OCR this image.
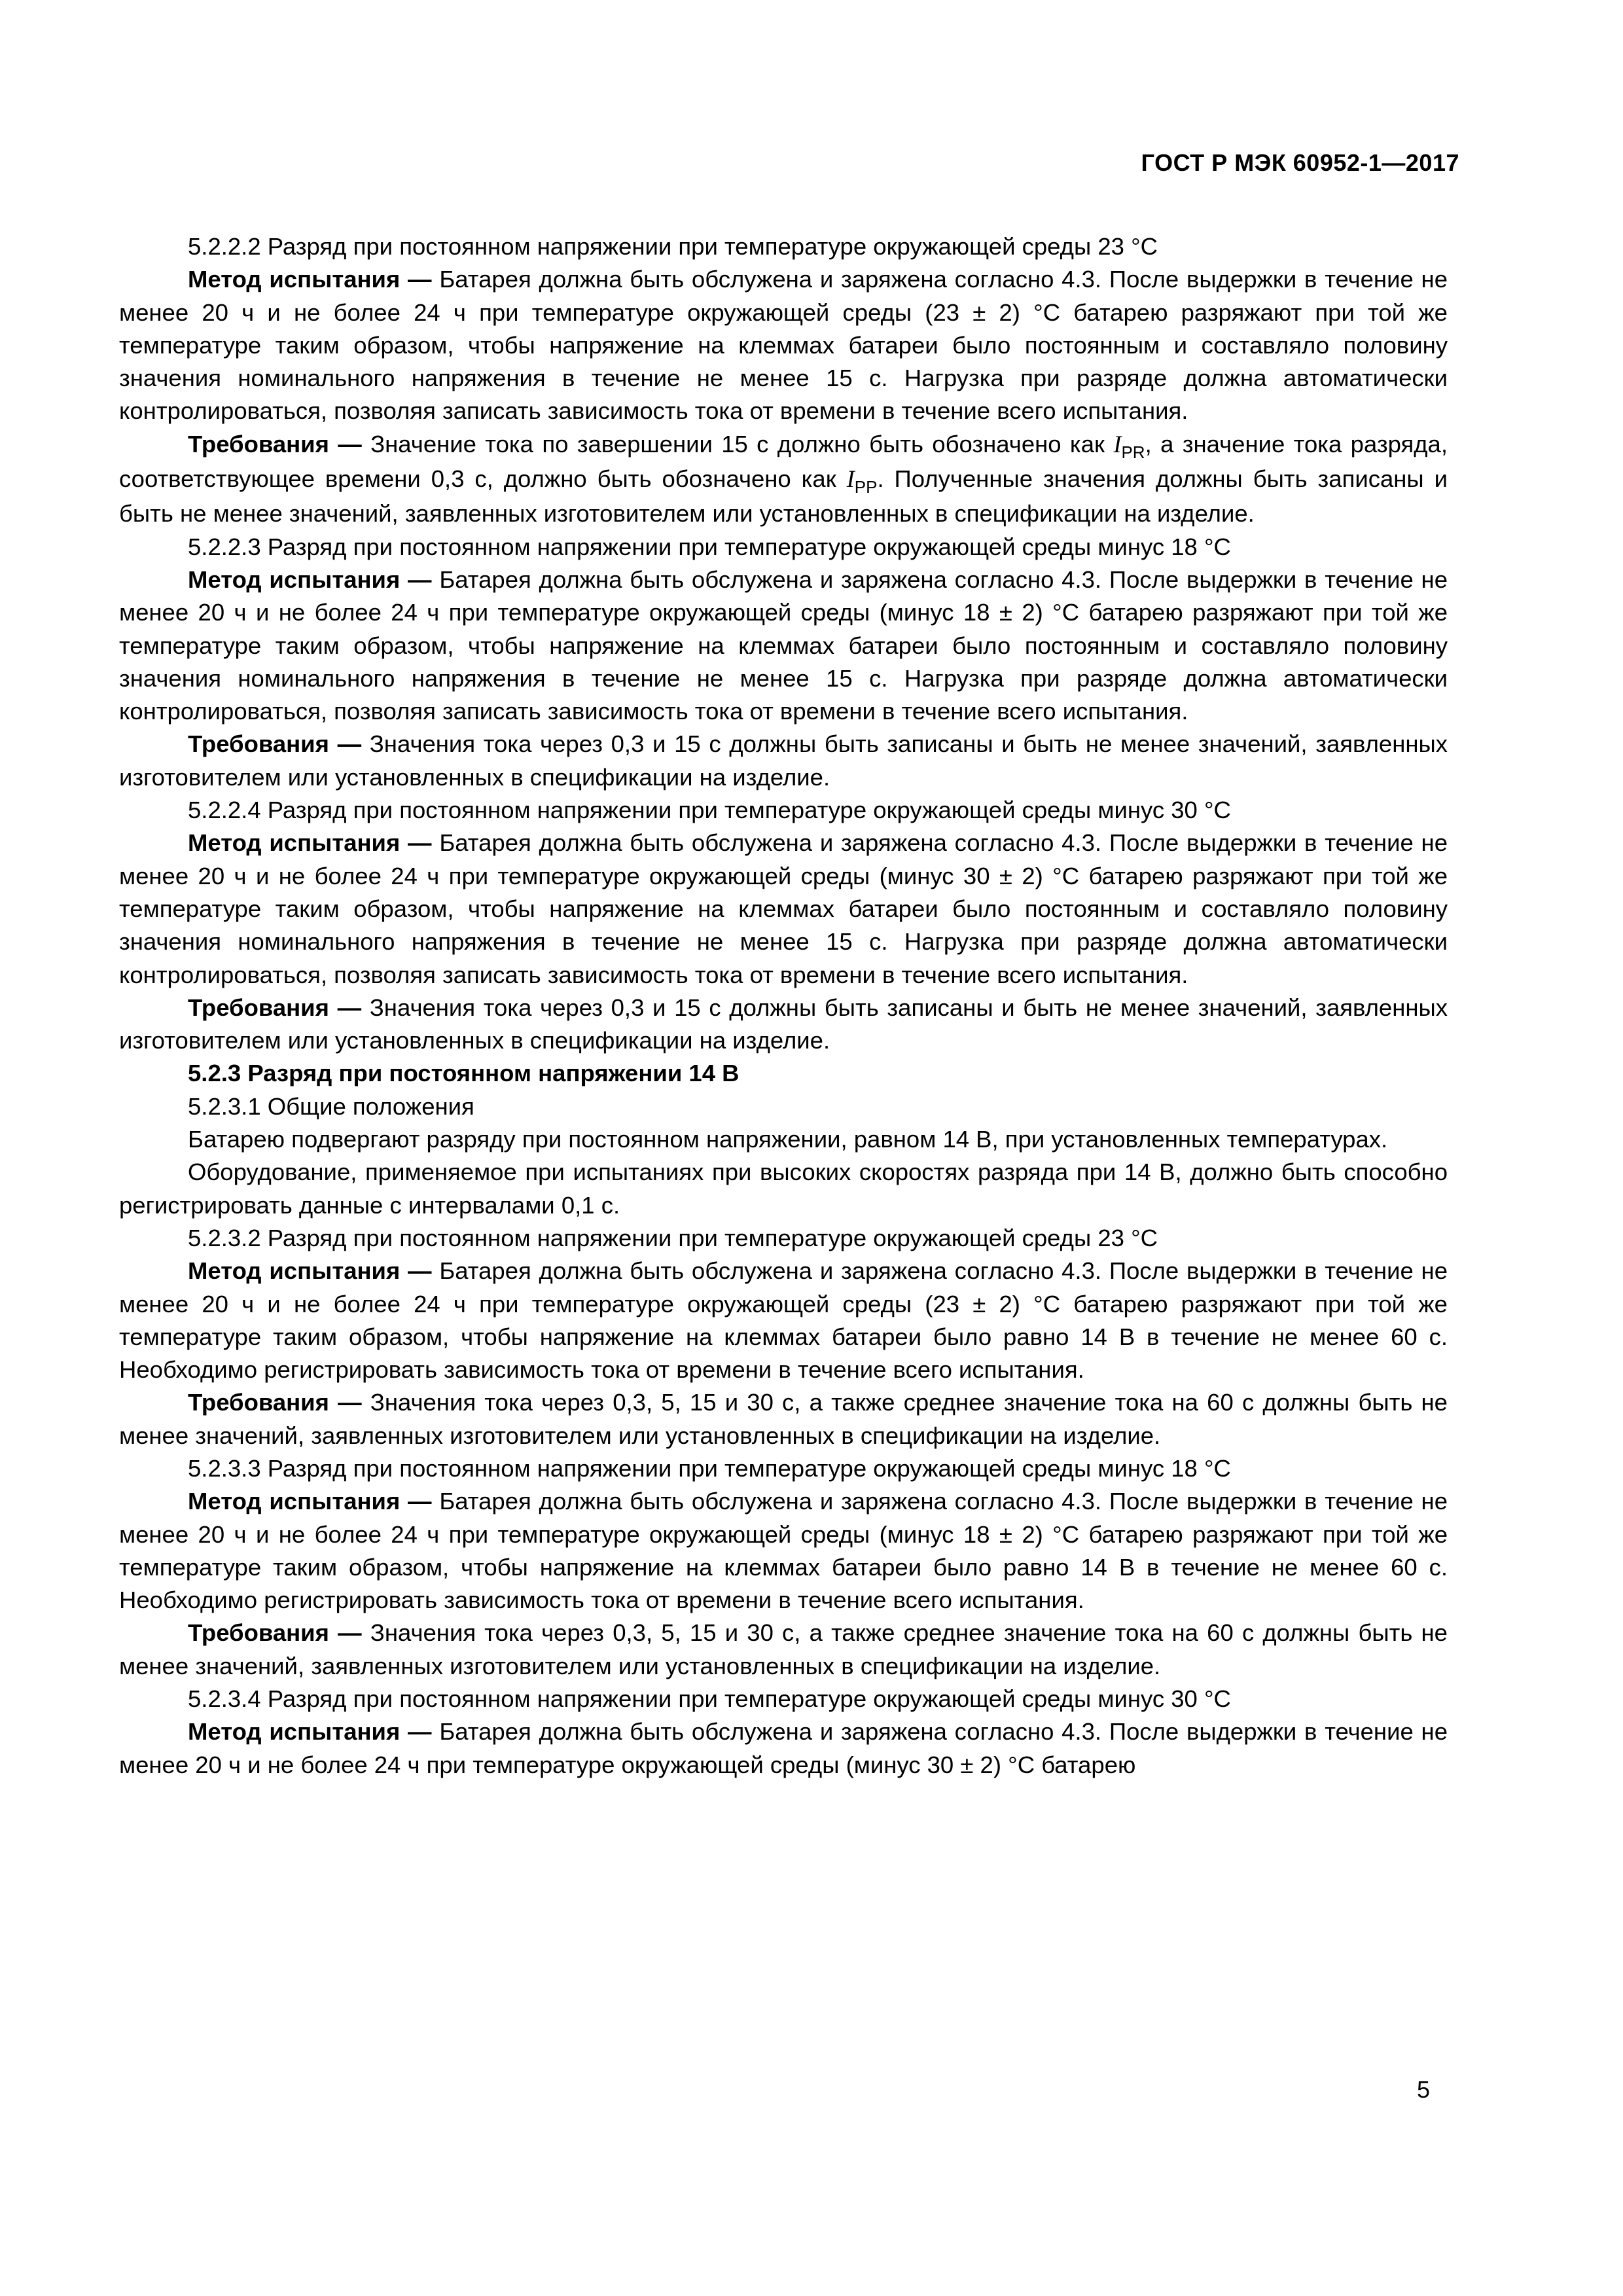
ГОСТ Р МЭК 60952-1—2017

5.2.2.2 Разряд при постоянном напряжении при температуре окружающей среды 23 °С

Метод испытания — Батарея должна быть обслужена и заряжена согласно 4.3. После выдержки в течение не менее 20 ч и не более 24 ч при температуре окружающей среды (23 ± 2) °С батарею разряжают при той же температуре таким образом, чтобы напряжение на клеммах батареи было постоянным и составляло половину значения номинального напряжения в течение не менее 15 с. Нагрузка при разряде должна автоматически контролироваться, позволяя записать зависимость тока от времени в течение всего испытания.

Требования — Значение тока по завершении 15 с должно быть обозначено как $I_{PR}$, а значение тока разряда, соответствующее времени 0,3 с, должно быть обозначено как $I_{PP}$. Полученные значения должны быть записаны и быть не менее значений, заявленных изготовителем или установленных в спецификации на изделие.

5.2.2.3 Разряд при постоянном напряжении при температуре окружающей среды минус 18 °С

Метод испытания — Батарея должна быть обслужена и заряжена согласно 4.3. После выдержки в течение не менее 20 ч и не более 24 ч при температуре окружающей среды (минус 18 ± 2) °С батарею разряжают при той же температуре таким образом, чтобы напряжение на клеммах батареи было постоянным и составляло половину значения номинального напряжения в течение не менее 15 с. Нагрузка при разряде должна автоматически контролироваться, позволяя записать зависимость тока от времени в течение всего испытания.

Требования — Значения тока через 0,3 и 15 с должны быть записаны и быть не менее значений, заявленных изготовителем или установленных в спецификации на изделие.

5.2.2.4 Разряд при постоянном напряжении при температуре окружающей среды минус 30 °С

Метод испытания — Батарея должна быть обслужена и заряжена согласно 4.3. После выдержки в течение не менее 20 ч и не более 24 ч при температуре окружающей среды (минус 30 ± 2) °С батарею разряжают при той же температуре таким образом, чтобы напряжение на клеммах батареи было постоянным и составляло половину значения номинального напряжения в течение не менее 15 с. Нагрузка при разряде должна автоматически контролироваться, позволяя записать зависимость тока от времени в течение всего испытания.

Требования — Значения тока через 0,3 и 15 с должны быть записаны и быть не менее значений, заявленных изготовителем или установленных в спецификации на изделие.

5.2.3 Разряд при постоянном напряжении 14 В

5.2.3.1 Общие положения

Батарею подвергают разряду при постоянном напряжении, равном 14 В, при установленных температурах.

Оборудование, применяемое при испытаниях при высоких скоростях разряда при 14 В, должно быть способно регистрировать данные с интервалами 0,1 с.

5.2.3.2 Разряд при постоянном напряжении при температуре окружающей среды 23 °С

Метод испытания — Батарея должна быть обслужена и заряжена согласно 4.3. После выдержки в течение не менее 20 ч и не более 24 ч при температуре окружающей среды (23 ± 2) °С батарею разряжают при той же температуре таким образом, чтобы напряжение на клеммах батареи было равно 14 В в течение не менее 60 с. Необходимо регистрировать зависимость тока от времени в течение всего испытания.

Требования — Значения тока через 0,3, 5, 15 и 30 с, а также среднее значение тока на 60 с должны быть не менее значений, заявленных изготовителем или установленных в спецификации на изделие.

5.2.3.3 Разряд при постоянном напряжении при температуре окружающей среды минус 18 °С

Метод испытания — Батарея должна быть обслужена и заряжена согласно 4.3. После выдержки в течение не менее 20 ч и не более 24 ч при температуре окружающей среды (минус 18 ± 2) °С батарею разряжают при той же температуре таким образом, чтобы напряжение на клеммах батареи было равно 14 В в течение не менее 60 с. Необходимо регистрировать зависимость тока от времени в течение всего испытания.

Требования — Значения тока через 0,3, 5, 15 и 30 с, а также среднее значение тока на 60 с должны быть не менее значений, заявленных изготовителем или установленных в спецификации на изделие.

5.2.3.4 Разряд при постоянном напряжении при температуре окружающей среды минус 30 °С

Метод испытания — Батарея должна быть обслужена и заряжена согласно 4.3. После выдержки в течение не менее 20 ч и не более 24 ч при температуре окружающей среды (минус 30 ± 2) °С батарею

5
